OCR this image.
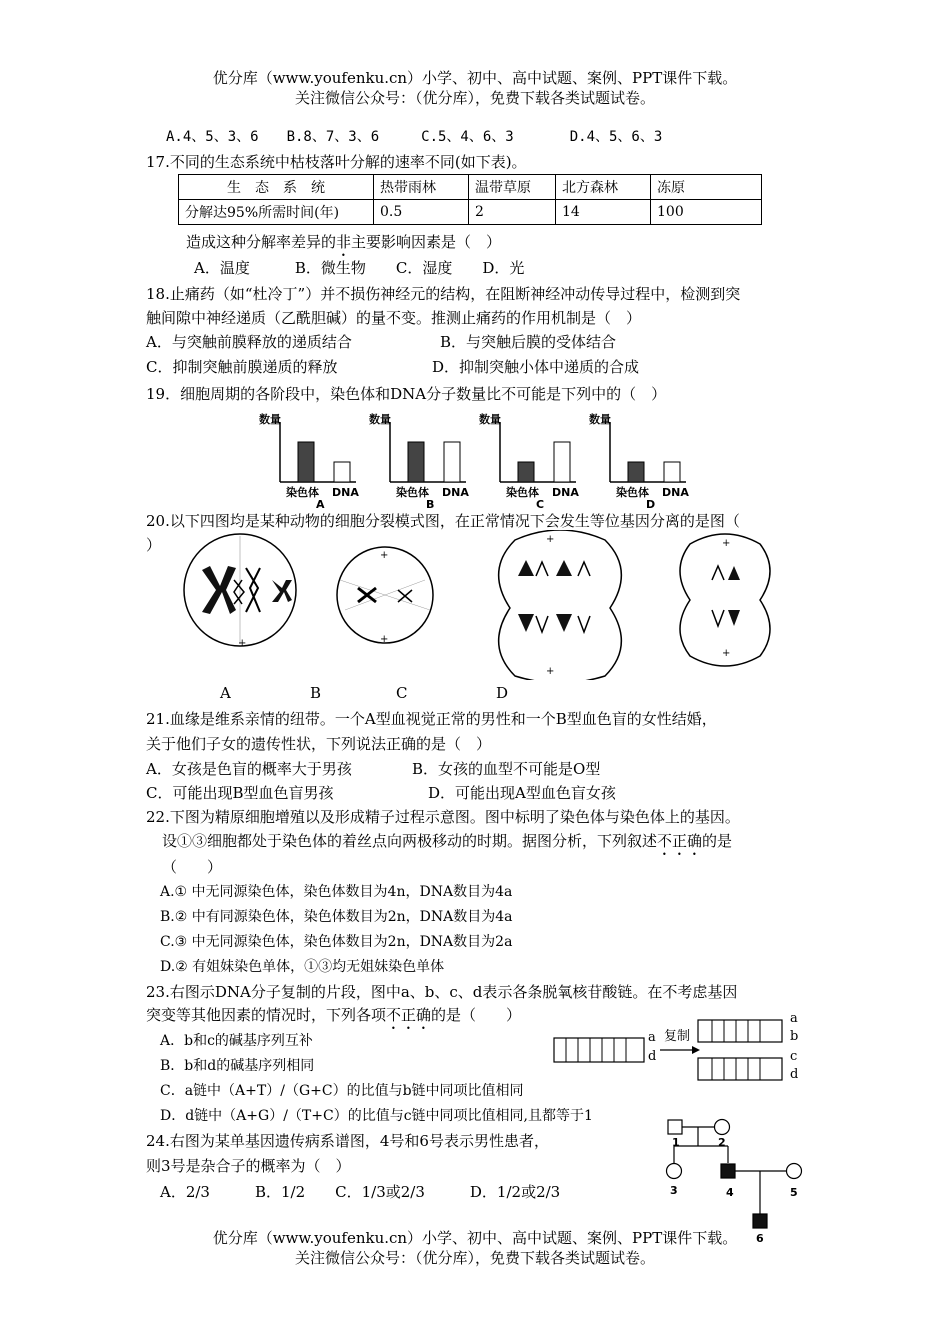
优分库（www.youfenku.cn）小学、初中、高中试题、案例、PPT课件下载。
关注微信公众号：（优分库），免费下载各类试题试卷。
A.4、5、3、6　　B.8、7、3、6　　　C.5、4、6、3　　　　D.4、5、6、3
17.不同的生态系统中枯枝落叶分解的速率不同(如下表)。
生　态　系　统	热带雨林	温带草原	北方森林	冻原
分解达95%所需时间(年)	0.5	2	14	100
造成这种分解率差异的非主要影响因素是（　）
A．温度　　　B．微生物　　C．湿度　　D．光
18.止痛药（如“杜冷丁”）并不损伤神经元的结构，在阻断神经冲动传导过程中，检测到突
触间隙中神经递质（乙酰胆碱）的量不变。推测止痛药的作用机制是（　）
A．与突触前膜释放的递质结合	B．与突触后膜的受体结合
C．抑制突触前膜递质的释放	D．抑制突触小体中递质的合成
19．细胞周期的各阶段中，染色体和DNA分子数量比不可能是下列中的（　）
数量
染色体 DNA
A
数量
染色体 DNA
B
数量
染色体 DNA
C
数量
染色体 DNA
D
20.以下四图均是某种动物的细胞分裂模式图，在正常情况下会发生等位基因分离的是图（
）
+
+
+
+
+
+
+
A	B	C	D
21.血缘是维系亲情的纽带。一个A型血视觉正常的男性和一个B型血色盲的女性结婚，
关于他们子女的遗传性状，下列说法正确的是（　）
A．女孩是色盲的概率大于男孩	B．女孩的血型不可能是O型
C．可能出现B型血色盲男孩	D．可能出现A型血色盲女孩
22.下图为精原细胞增殖以及形成精子过程示意图。图中标明了染色体与染色体上的基因。
设①③细胞都处于染色体的着丝点向两极移动的时期。据图分析，下列叙述不正确的是
（　　）
A.① 中无同源染色体，染色体数目为4n，DNA数目为4a
B.② 中有同源染色体，染色体数目为2n，DNA数目为4a
C.③ 中无同源染色体，染色体数目为2n，DNA数目为2a
D.② 有姐妹染色单体，①③均无姐妹染色单体
23.右图示DNA分子复制的片段，图中a、b、c、d表示各条脱氧核苷酸链。在不考虑基因
突变等其他因素的情况时，下列各项不正确的是（　　）
A．b和c的碱基序列互补
B．b和d的碱基序列相同
C．a链中（A+T）/（G+C）的比值与b链中同项比值相同
D．d链中（A+G）/（T+C）的比值与c链中同项比值相同,且都等于1
a
d
复制
a
b
c
d
24.右图为某单基因遗传病系谱图，4号和6号表示男性患者，
则3号是杂合子的概率为（　）
A．2/3　　　B．1/2　　C．1/3或2/3　　　D．1/2或2/3
1	2
3	4	5
6
优分库（www.youfenku.cn）小学、初中、高中试题、案例、PPT课件下载。
关注微信公众号：（优分库），免费下载各类试题试卷。
